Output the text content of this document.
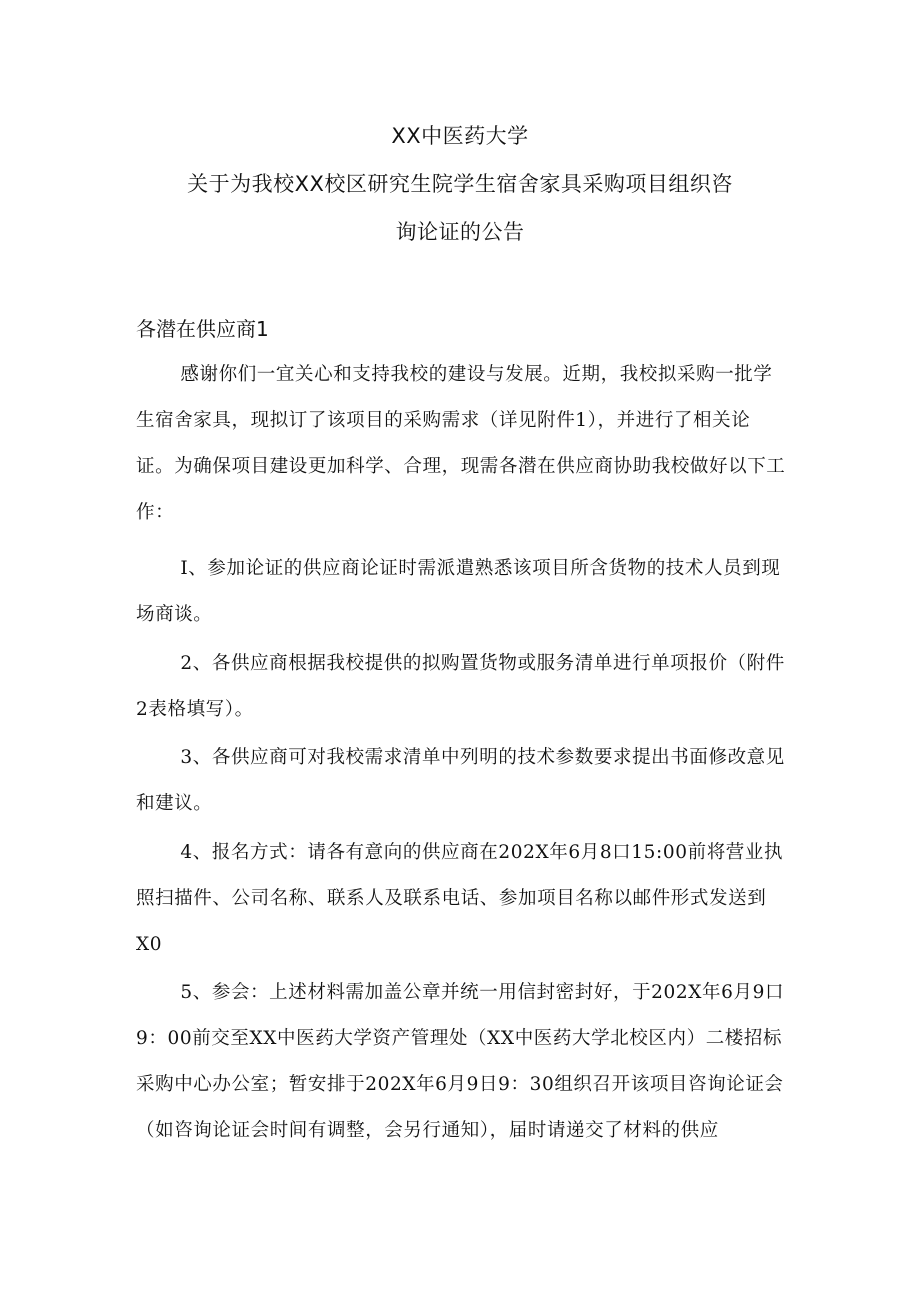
XX中医药大学
关于为我校XX校区研究生院学生宿舍家具采购项目组织咨
询论证的公告
各潜在供应商1

感谢你们一宜关心和支持我校的建设与发展。近期，我校拟采购一批学生宿舍家具，现拟订了该项目的采购需求（详见附件1），并进行了相关论证。为确保项目建设更加科学、合理，现需各潜在供应商协助我校做好以下工作：

I、参加论证的供应商论证时需派遣熟悉该项目所含货物的技术人员到现场商谈。

2、各供应商根据我校提供的拟购置货物或服务清单进行单项报价（附件2表格填写）。

3、各供应商可对我校需求清单中列明的技术参数要求提出书面修改意见和建议。

4、报名方式：请各有意向的供应商在202X年6月8口15:00前将营业执照扫描件、公司名称、联系人及联系电话、参加项目名称以邮件形式发送到X0

5、参会：上述材料需加盖公章并统一用信封密封好，于202X年6月9口9：00前交至XX中医药大学资产管理处（XX中医药大学北校区内）二楼招标采购中心办公室；暂安排于202X年6月9日9：30组织召开该项目咨询论证会（如咨询论证会时间有调整，会另行通知），届时请递交了材料的供应
